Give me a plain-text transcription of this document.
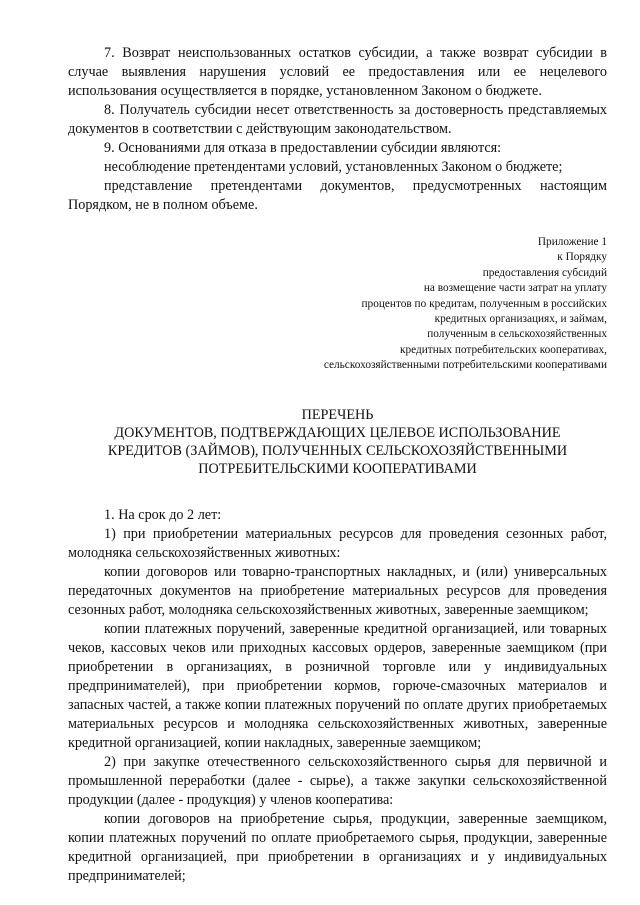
7. Возврат неиспользованных остатков субсидии, а также возврат субсидии в случае выявления нарушения условий ее предоставления или ее нецелевого использования осуществляется в порядке, установленном Законом о бюджете.

8. Получатель субсидии несет ответственность за достоверность представляемых документов в соответствии с действующим законодательством.

9. Основаниями для отказа в предоставлении субсидии являются:

несоблюдение претендентами условий, установленных Законом о бюджете;

представление претендентами документов, предусмотренных настоящим Порядком, не в полном объеме.

Приложение 1
к Порядку
предоставления субсидий
на возмещение части затрат на уплату
процентов по кредитам, полученным в российских
кредитных организациях, и займам,
полученным в сельскохозяйственных
кредитных потребительских кооперативах,
сельскохозяйственными потребительскими кооперативами
ПЕРЕЧЕНЬ
ДОКУМЕНТОВ, ПОДТВЕРЖДАЮЩИХ ЦЕЛЕВОЕ ИСПОЛЬЗОВАНИЕ
КРЕДИТОВ (ЗАЙМОВ), ПОЛУЧЕННЫХ СЕЛЬСКОХОЗЯЙСТВЕННЫМИ
ПОТРЕБИТЕЛЬСКИМИ КООПЕРАТИВАМИ

1. На срок до 2 лет:

1) при приобретении материальных ресурсов для проведения сезонных работ, молодняка сельскохозяйственных животных:

копии договоров или товарно-транспортных накладных, и (или) универсальных передаточных документов на приобретение материальных ресурсов для проведения сезонных работ, молодняка сельскохозяйственных животных, заверенные заемщиком;

копии платежных поручений, заверенные кредитной организацией, или товарных чеков, кассовых чеков или приходных кассовых ордеров, заверенные заемщиком (при приобретении в организациях, в розничной торговле или у индивидуальных предпринимателей), при приобретении кормов, горюче-смазочных материалов и запасных частей, а также копии платежных поручений по оплате других приобретаемых материальных ресурсов и молодняка сельскохозяйственных животных, заверенные кредитной организацией, копии накладных, заверенные заемщиком;

2) при закупке отечественного сельскохозяйственного сырья для первичной и промышленной переработки (далее - сырье), а также закупки сельскохозяйственной продукции (далее - продукция) у членов кооператива:

копии договоров на приобретение сырья, продукции, заверенные заемщиком, копии платежных поручений по оплате приобретаемого сырья, продукции, заверенные кредитной организацией, при приобретении в организациях и у индивидуальных предпринимателей;
